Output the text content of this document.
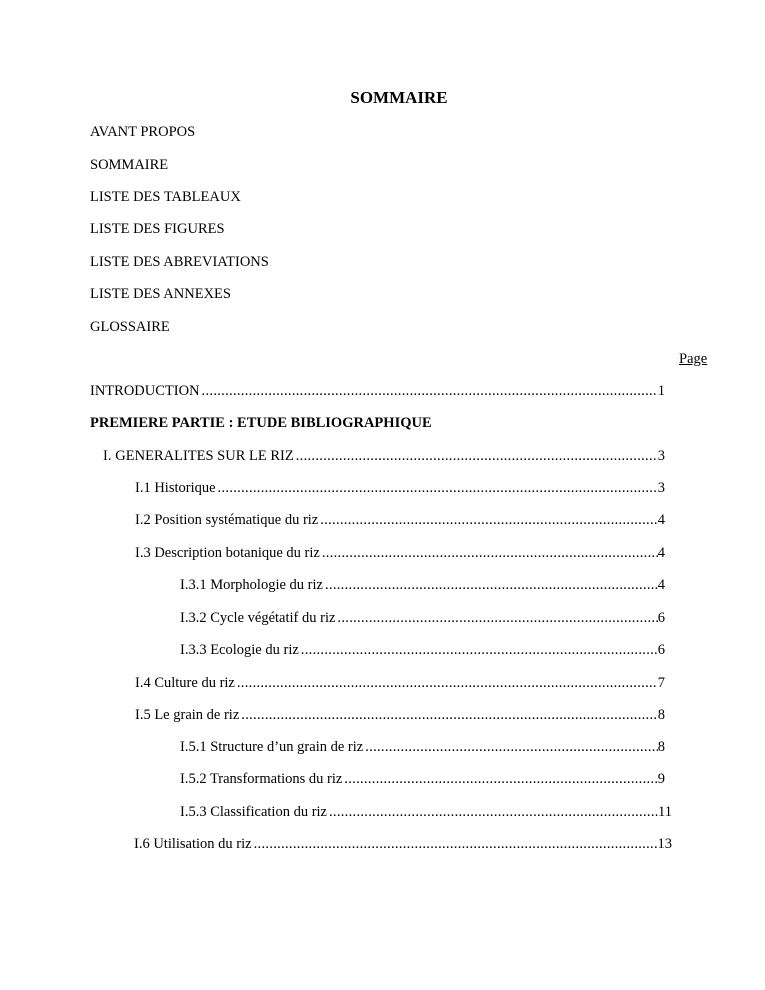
SOMMAIRE
AVANT PROPOS
SOMMAIRE
LISTE DES TABLEAUX
LISTE DES FIGURES
LISTE DES ABREVIATIONS
LISTE DES ANNEXES
GLOSSAIRE
Page
INTRODUCTION .....	1
PREMIERE PARTIE : ETUDE BIBLIOGRAPHIQUE
I. GENERALITES SUR LE RIZ .....	3
I.1 Historique .....	3
I.2 Position systématique du riz .....	4
I.3 Description botanique du riz .....	4
I.3.1 Morphologie du riz .....	4
I.3.2 Cycle végétatif du riz .....	6
I.3.3 Ecologie du riz .....	6
I.4 Culture du riz .....	7
I.5 Le grain de riz .....	8
I.5.1 Structure d’un grain de riz .....	8
I.5.2 Transformations du riz .....	9
I.5.3 Classification du riz .....	11
I.6 Utilisation du riz .....	13
